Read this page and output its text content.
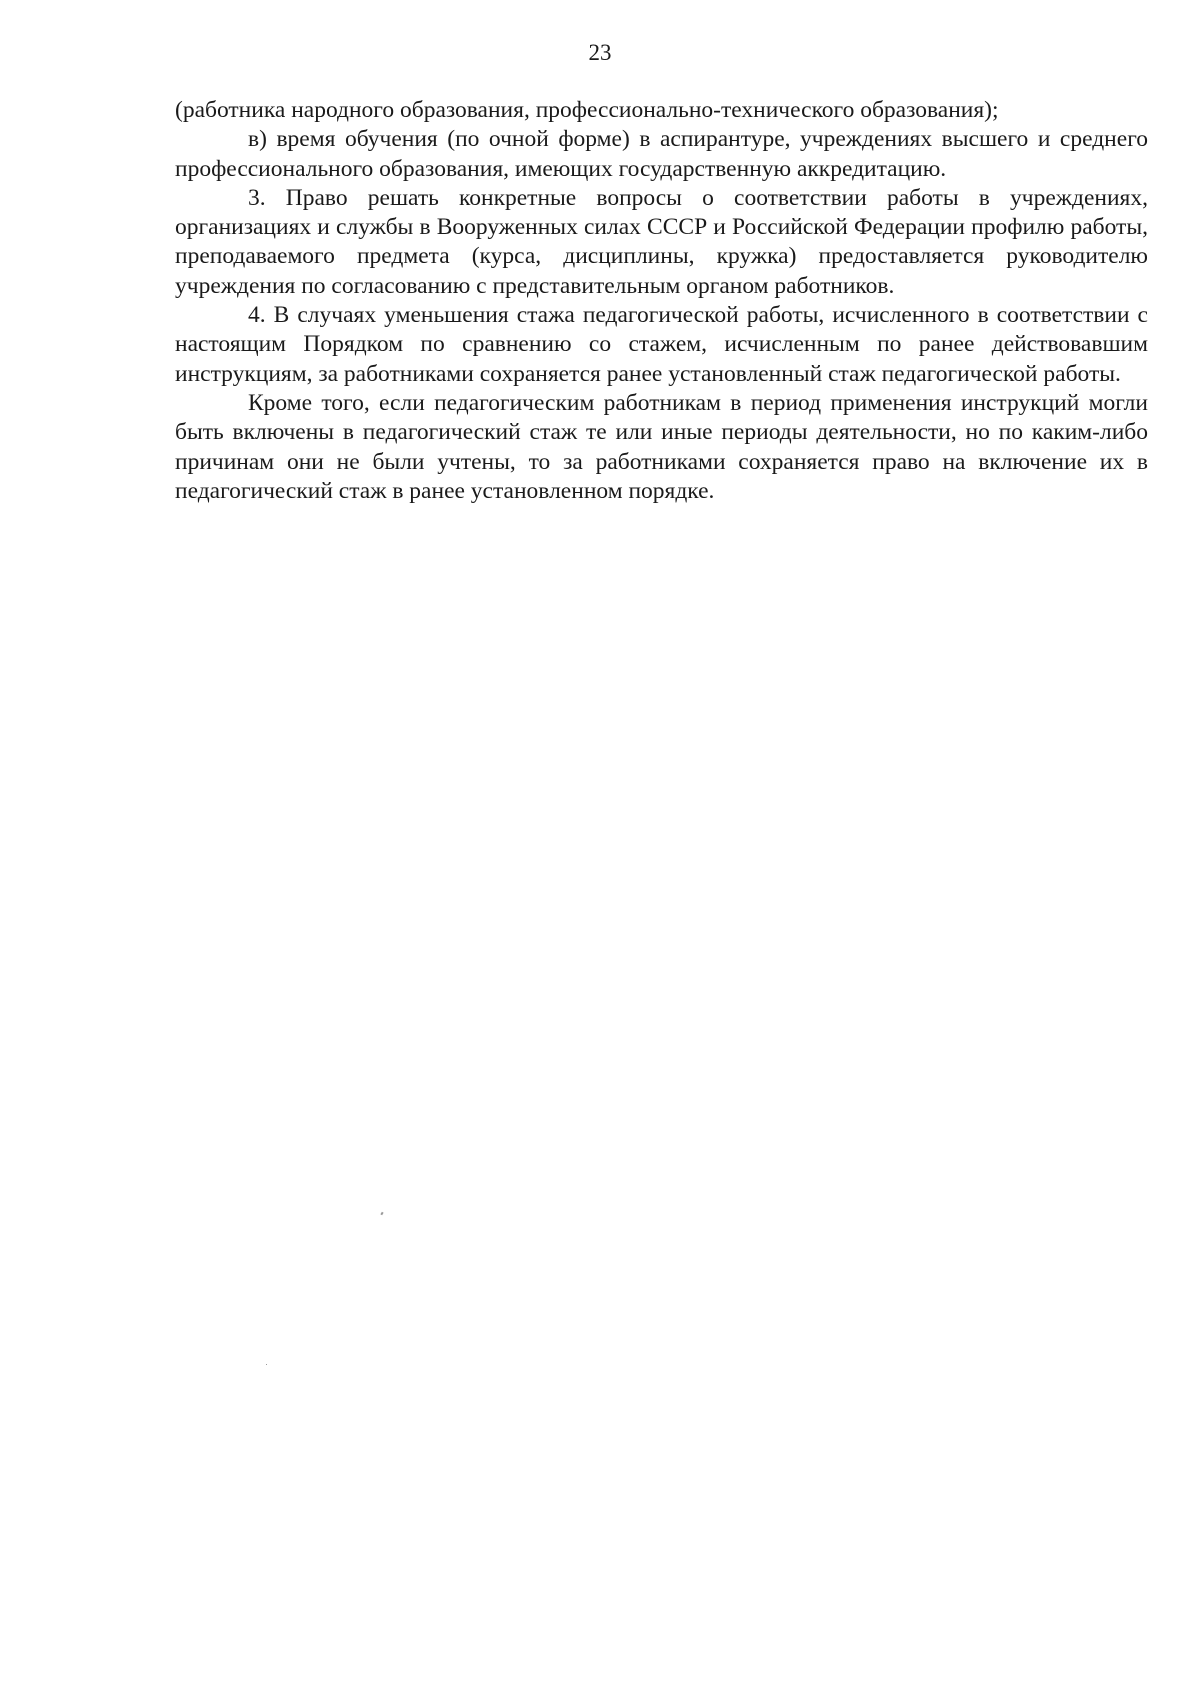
23

(работника народного образования, профессионально-технического образования);

в) время обучения (по очной форме) в аспирантуре, учреждениях высшего и среднего профессионального образования, имеющих государственную аккредитацию.

3. Право решать конкретные вопросы о соответствии работы в учреждениях, организациях и службы в Вооруженных силах СССР и Российской Федерации профилю работы, преподаваемого предмета (курса, дисциплины, кружка) предоставляется руководителю учреждения по согласованию с представительным органом работников.

4. В случаях уменьшения стажа педагогической работы, исчисленного в соответствии с настоящим Порядком по сравнению со стажем, исчисленным по ранее действовавшим инструкциям, за работниками сохраняется ранее установленный стаж педагогической работы.

Кроме того, если педагогическим работникам в период применения инструкций могли быть включены в педагогический стаж те или иные периоды деятельности, но по каким-либо причинам они не были учтены, то за работниками сохраняется право на включение их в педагогический стаж в ранее установленном порядке.
